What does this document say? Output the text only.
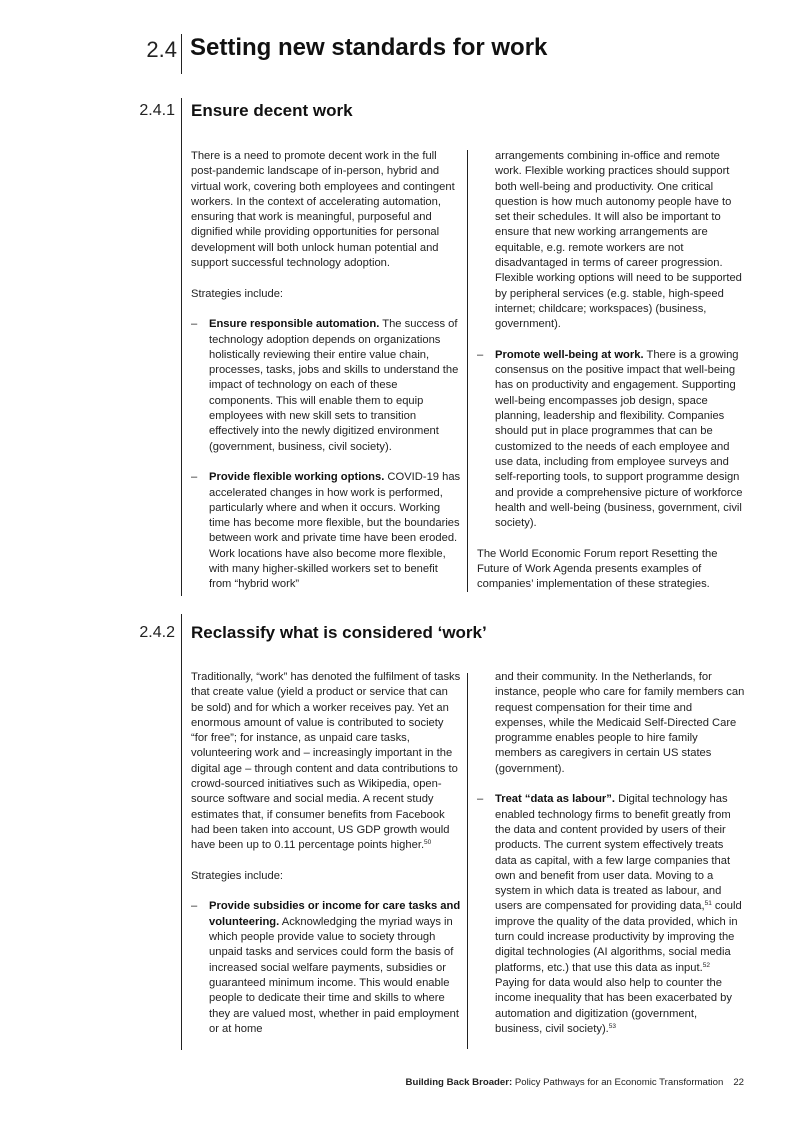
2.4 Setting new standards for work
2.4.1 Ensure decent work

There is a need to promote decent work in the full post-pandemic landscape of in-person, hybrid and virtual work, covering both employees and contingent workers. In the context of accelerating automation, ensuring that work is meaningful, purposeful and dignified while providing opportunities for personal development will both unlock human potential and support successful technology adoption.

Strategies include:

– Ensure responsible automation. The success of technology adoption depends on organizations holistically reviewing their entire value chain, processes, tasks, jobs and skills to understand the impact of technology on each of these components. This will enable them to equip employees with new skill sets to transition effectively into the newly digitized environment (government, business, civil society).
– Provide flexible working options. COVID-19 has accelerated changes in how work is performed, particularly where and when it occurs. Working time has become more flexible, but the boundaries between work and private time have been eroded. Work locations have also become more flexible, with many higher-skilled workers set to benefit from “hybrid work”
arrangements combining in-office and remote work. Flexible working practices should support both well-being and productivity. One critical question is how much autonomy people have to set their schedules. It will also be important to ensure that new working arrangements are equitable, e.g. remote workers are not disadvantaged in terms of career progression. Flexible working options will need to be supported by peripheral services (e.g. stable, high-speed internet; childcare; workspaces) (business, government).
– Promote well-being at work. There is a growing consensus on the positive impact that well-being has on productivity and engagement. Supporting well-being encompasses job design, space planning, leadership and flexibility. Companies should put in place programmes that can be customized to the needs of each employee and use data, including from employee surveys and self-reporting tools, to support programme design and provide a comprehensive picture of workforce health and well-being (business, government, civil society).

The World Economic Forum report Resetting the Future of Work Agenda presents examples of companies’ implementation of these strategies.

2.4.2 Reclassify what is considered ‘work’

Traditionally, “work” has denoted the fulfilment of tasks that create value (yield a product or service that can be sold) and for which a worker receives pay. Yet an enormous amount of value is contributed to society “for free”; for instance, as unpaid care tasks, volunteering work and – increasingly important in the digital age – through content and data contributions to crowd-sourced initiatives such as Wikipedia, open-source software and social media. A recent study estimates that, if consumer benefits from Facebook had been taken into account, US GDP growth would have been up to 0.11 percentage points higher.$^{50}$

Strategies include:

– Provide subsidies or income for care tasks and volunteering. Acknowledging the myriad ways in which people provide value to society through unpaid tasks and services could form the basis of increased social welfare payments, subsidies or guaranteed minimum income. This would enable people to dedicate their time and skills to where they are valued most, whether in paid employment or at home
and their community. In the Netherlands, for instance, people who care for family members can request compensation for their time and expenses, while the Medicaid Self-Directed Care programme enables people to hire family members as caregivers in certain US states (government).
– Treat “data as labour”. Digital technology has enabled technology firms to benefit greatly from the data and content provided by users of their products. The current system effectively treats data as capital, with a few large companies that own and benefit from user data. Moving to a system in which data is treated as labour, and users are compensated for providing data,$^{51}$ could improve the quality of the data provided, which in turn could increase productivity by improving the digital technologies (AI algorithms, social media platforms, etc.) that use this data as input.$^{52}$ Paying for data would also help to counter the income inequality that has been exacerbated by automation and digitization (government, business, civil society).$^{53}$
Building Back Broader: Policy Pathways for an Economic Transformation 22
